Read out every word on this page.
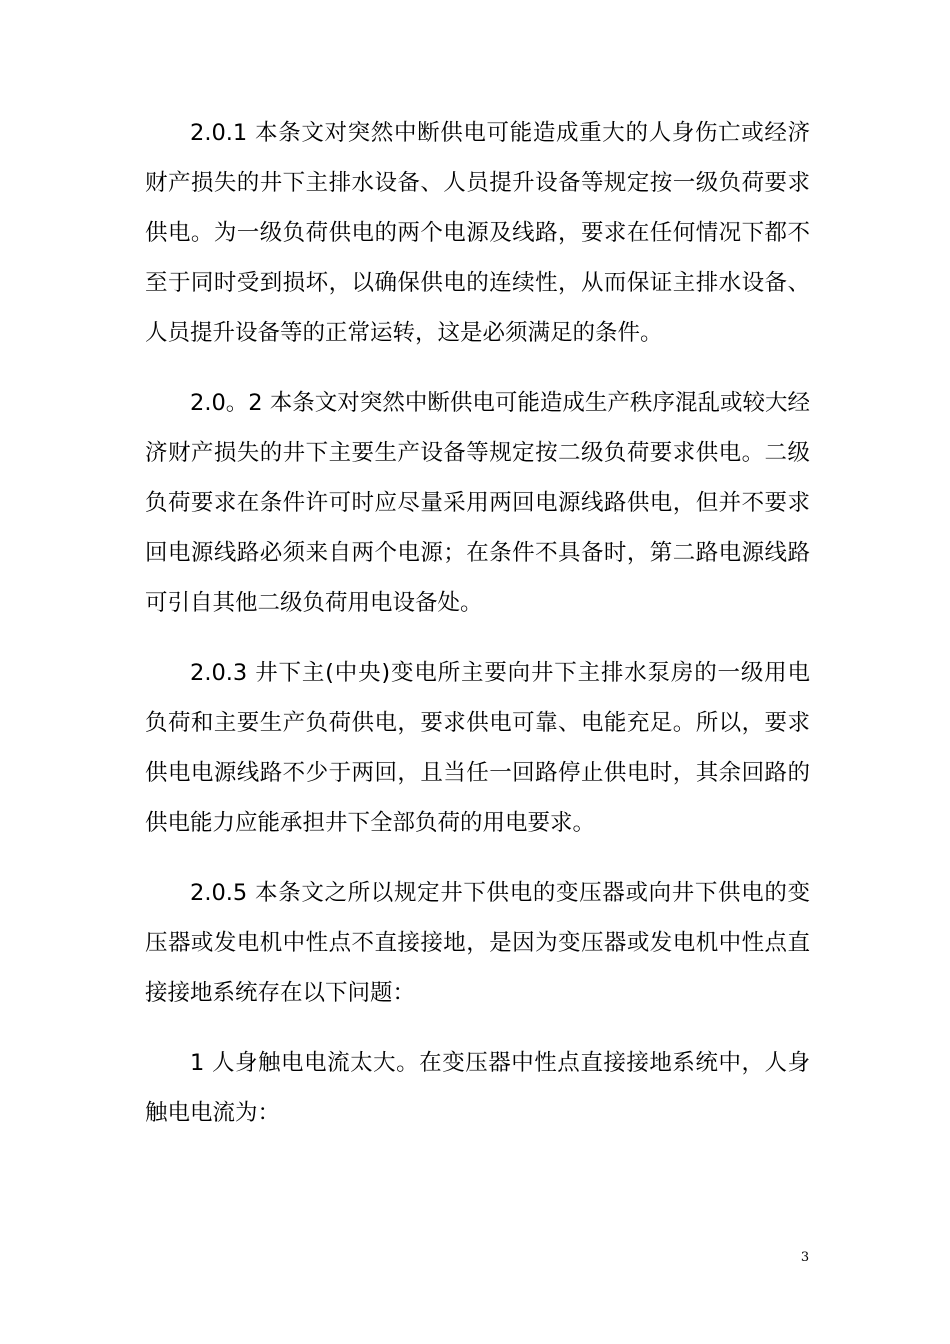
2.0.1 本条文对突然中断供电可能造成重大的人身伤亡或经济财产损失的井下主排水设备、人员提升设备等规定按一级负荷要求供电。为一级负荷供电的两个电源及线路，要求在任何情况下都不至于同时受到损坏，以确保供电的连续性，从而保证主排水设备、人员提升设备等的正常运转，这是必须满足的条件。

2.0。2 本条文对突然中断供电可能造成生产秩序混乱或较大经济财产损失的井下主要生产设备等规定按二级负荷要求供电。二级负荷要求在条件许可时应尽量采用两回电源线路供电，但并不要求回电源线路必须来自两个电源；在条件不具备时，第二路电源线路可引自其他二级负荷用电设备处。

2.0.3 井下主(中央)变电所主要向井下主排水泵房的一级用电负荷和主要生产负荷供电，要求供电可靠、电能充足。所以，要求供电电源线路不少于两回，且当任一回路停止供电时，其余回路的供电能力应能承担井下全部负荷的用电要求。

2.0.5 本条文之所以规定井下供电的变压器或向井下供电的变压器或发电机中性点不直接接地，是因为变压器或发电机中性点直接接地系统存在以下问题：

1 人身触电电流太大。在变压器中性点直接接地系统中，人身触电电流为：

3
